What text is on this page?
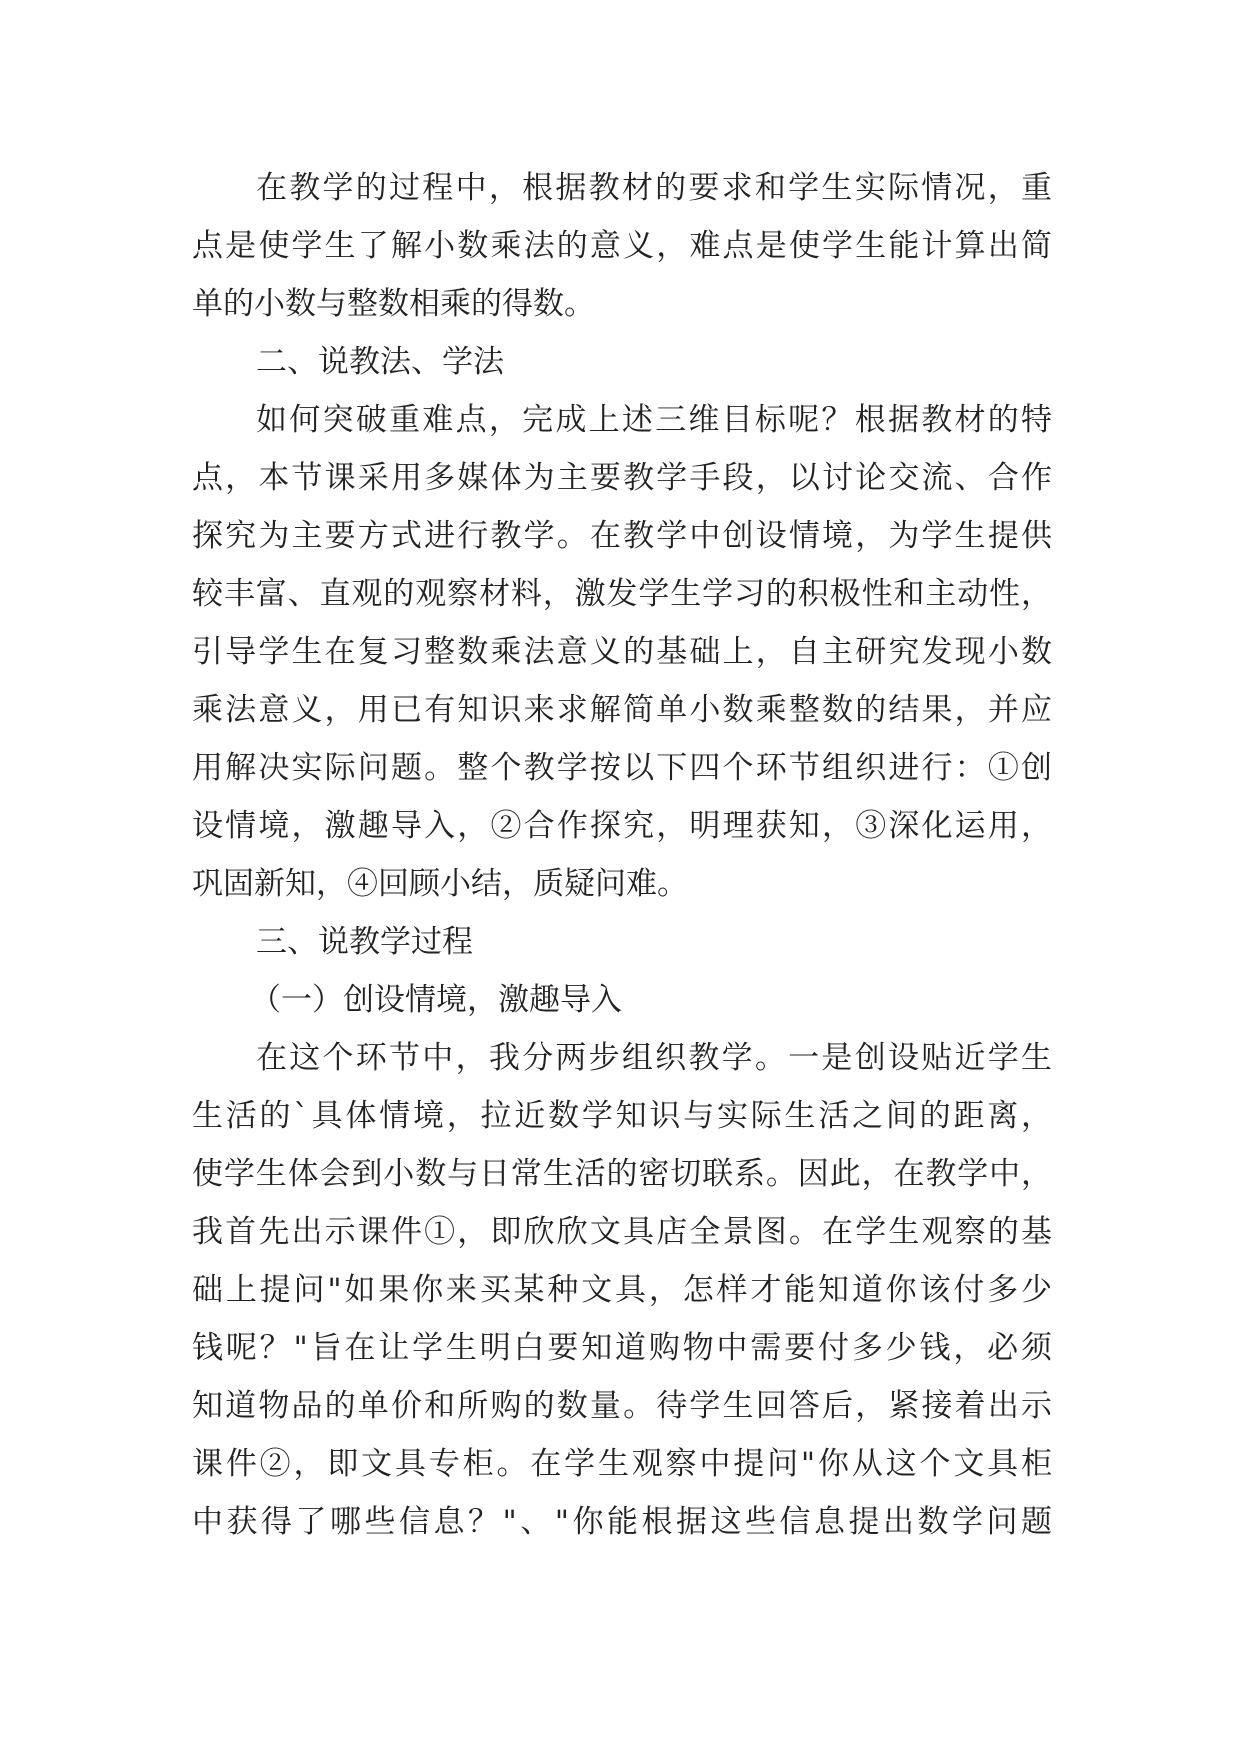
在教学的过程中，根据教材的要求和学生实际情况，重
点是使学生了解小数乘法的意义，难点是使学生能计算出简
单的小数与整数相乘的得数。
二、说教法、学法
如何突破重难点，完成上述三维目标呢？根据教材的特
点，本节课采用多媒体为主要教学手段，以讨论交流、合作
探究为主要方式进行教学。在教学中创设情境，为学生提供
较丰富、直观的观察材料，激发学生学习的积极性和主动性，
引导学生在复习整数乘法意义的基础上，自主研究发现小数
乘法意义，用已有知识来求解简单小数乘整数的结果，并应
用解决实际问题。整个教学按以下四个环节组织进行：①创
设情境，激趣导入，②合作探究，明理获知，③深化运用，
巩固新知，④回顾小结，质疑问难。
三、说教学过程
（一）创设情境，激趣导入
在这个环节中，我分两步组织教学。一是创设贴近学生
生活的`具体情境，拉近数学知识与实际生活之间的距离，
使学生体会到小数与日常生活的密切联系。因此，在教学中，
我首先出示课件①，即欣欣文具店全景图。在学生观察的基
础上提问"如果你来买某种文具，怎样才能知道你该付多少
钱呢？"旨在让学生明白要知道购物中需要付多少钱，必须
知道物品的单价和所购的数量。待学生回答后，紧接着出示
课件②，即文具专柜。在学生观察中提问"你从这个文具柜
中获得了哪些信息？"、"你能根据这些信息提出数学问题
